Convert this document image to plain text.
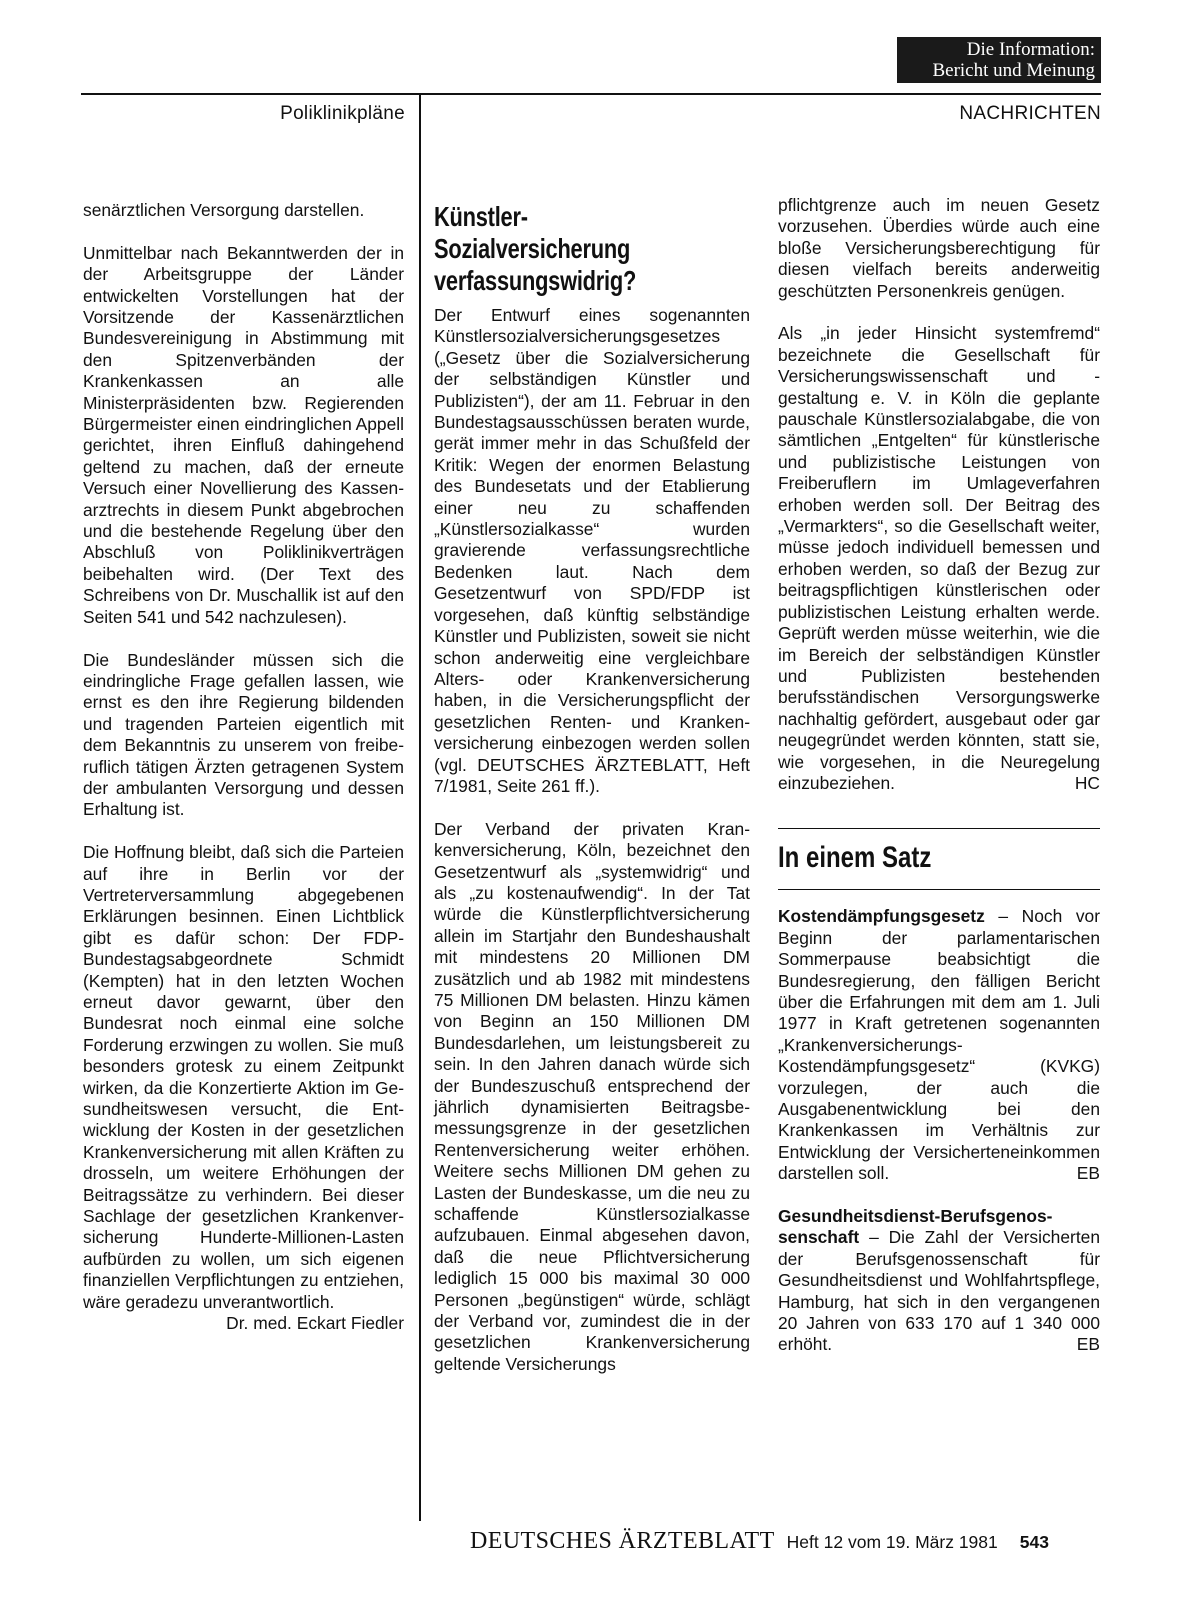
Die Information:
Bericht und Meinung
Poliklinikpläne	NACHRICHTEN

senärztlichen Versorgung darstellen.

Unmittelbar nach Bekanntwerden der in der Arbeitsgruppe der Länder entwickelten Vorstellungen hat der Vorsitzende der Kassenärztlichen Bundesvereinigung in Abstimmung mit den Spitzenverbänden der Krankenkassen an alle Ministerpräsidenten bzw. Regierenden Bürgermeister einen eindringlichen Appell gerichtet, ihren Einfluß dahingehend geltend zu machen, daß der erneute Versuch einer Novellierung des Kassenarztrechts in diesem Punkt abgebrochen und die bestehende Regelung über den Abschluß von Poliklinikverträgen beibehalten wird. (Der Text des Schreibens von Dr. Muschallik ist auf den Seiten 541 und 542 nachzulesen).

Die Bundesländer müssen sich die eindringliche Frage gefallen lassen, wie ernst es den ihre Regierung bildenden und tragenden Parteien eigentlich mit dem Bekanntnis zu unserem von freiberuflich tätigen Ärzten getragenen System der ambulanten Versorgung und dessen Erhaltung ist.

Die Hoffnung bleibt, daß sich die Parteien auf ihre in Berlin vor der Vertreterversammlung abgegebenen Erklärungen besinnen. Einen Lichtblick gibt es dafür schon: Der FDP-Bundestagsabgeordnete Schmidt (Kempten) hat in den letzten Wochen erneut davor gewarnt, über den Bundesrat noch einmal eine solche Forderung erzwingen zu wollen. Sie muß besonders grotesk zu einem Zeitpunkt wirken, da die Konzertierte Aktion im Gesundheitswesen versucht, die Entwicklung der Kosten in der gesetzlichen Krankenversicherung mit allen Kräften zu drosseln, um weitere Erhöhungen der Beitragssätze zu verhindern. Bei dieser Sachlage der gesetzlichen Krankenversicherung Hunderte-Millionen-Lasten aufbürden zu wollen, um sich eigenen finanziellen Verpflichtungen zu entziehen, wäre geradezu unverantwortlich.

Dr. med. Eckart Fiedler
Künstler-
Sozialversicherung
verfassungswidrig?

Der Entwurf eines sogenannten Künstlersozialversicherungsgesetzes („Gesetz über die Sozialversicherung der selbständigen Künstler und Publizisten“), der am 11. Februar in den Bundestagsausschüssen beraten wurde, gerät immer mehr in das Schußfeld der Kritik: Wegen der enormen Belastung des Bundesetats und der Etablierung einer neu zu schaffenden „Künstlersozialkasse“ wurden gravierende verfassungsrechtliche Bedenken laut. Nach dem Gesetzentwurf von SPD/FDP ist vorgesehen, daß künftig selbständige Künstler und Publizisten, soweit sie nicht schon anderweitig eine vergleichbare Alters- oder Krankenversicherung haben, in die Versicherungspflicht der gesetzlichen Renten- und Krankenversicherung einbezogen werden sollen (vgl. DEUTSCHES ÄRZTEBLATT, Heft 7/1981, Seite 261 ff.).

Der Verband der privaten Krankenversicherung, Köln, bezeichnet den Gesetzentwurf als „systemwidrig“ und als „zu kostenaufwendig“. In der Tat würde die Künstlerpflichtversicherung allein im Startjahr den Bundeshaushalt mit mindestens 20 Millionen DM zusätzlich und ab 1982 mit mindestens 75 Millionen DM belasten. Hinzu kämen von Beginn an 150 Millionen DM Bundesdarlehen, um leistungsbereit zu sein. In den Jahren danach würde sich der Bundeszuschuß entsprechend der jährlich dynamisierten Beitragsbemessungsgrenze in der gesetzlichen Rentenversicherung weiter erhöhen. Weitere sechs Millionen DM gehen zu Lasten der Bundeskasse, um die neu zu schaffende Künstlersozialkasse aufzubauen. Einmal abgesehen davon, daß die neue Pflichtversicherung lediglich 15 000 bis maximal 30 000 Personen „begünstigen“ würde, schlägt der Verband vor, zumindest die in der gesetzlichen Krankenversicherung geltende Versicherungs

pflichtgrenze auch im neuen Gesetz vorzusehen. Überdies würde auch eine bloße Versicherungsberechtigung für diesen vielfach bereits anderweitig geschützten Personenkreis genügen.

Als „in jeder Hinsicht systemfremd“ bezeichnete die Gesellschaft für Versicherungswissenschaft und -gestaltung e. V. in Köln die geplante pauschale Künstlersozialabgabe, die von sämtlichen „Entgelten“ für künstlerische und publizistische Leistungen von Freiberuflern im Umlageverfahren erhoben werden soll. Der Beitrag des „Vermarkters“, so die Gesellschaft weiter, müsse jedoch individuell bemessen und erhoben werden, so daß der Bezug zur beitragspflichtigen künstlerischen oder publizistischen Leistung erhalten werde. Geprüft werden müsse weiterhin, wie die im Bereich der selbständigen Künstler und Publizisten bestehenden berufsständischen Versorgungswerke nachhaltig gefördert, ausgebaut oder gar neugegründet werden könnten, statt sie, wie vorgesehen, in die Neuregelung einzubeziehen.	HC

In einem Satz

Kostendämpfungsgesetz – Noch vor Beginn der parlamentarischen Sommerpause beabsichtigt die Bundesregierung, den fälligen Bericht über die Erfahrungen mit dem am 1. Juli 1977 in Kraft getretenen sogenannten „Krankenversicherungs-Kostendämpfungsgesetz“ (KVKG) vorzulegen, der auch die Ausgabenentwicklung bei den Krankenkassen im Verhältnis zur Entwicklung der Versicherteneinkommen darstellen soll.	EB

Gesundheitsdienst-Berufsgenossenschaft – Die Zahl der Versicherten der Berufsgenossenschaft für Gesundheitsdienst und Wohlfahrtspflege, Hamburg, hat sich in den vergangenen 20 Jahren von 633 170 auf 1 340 000 erhöht.	EB

DEUTSCHES ÄRZTEBLATT Heft 12 vom 19. März 1981 543
